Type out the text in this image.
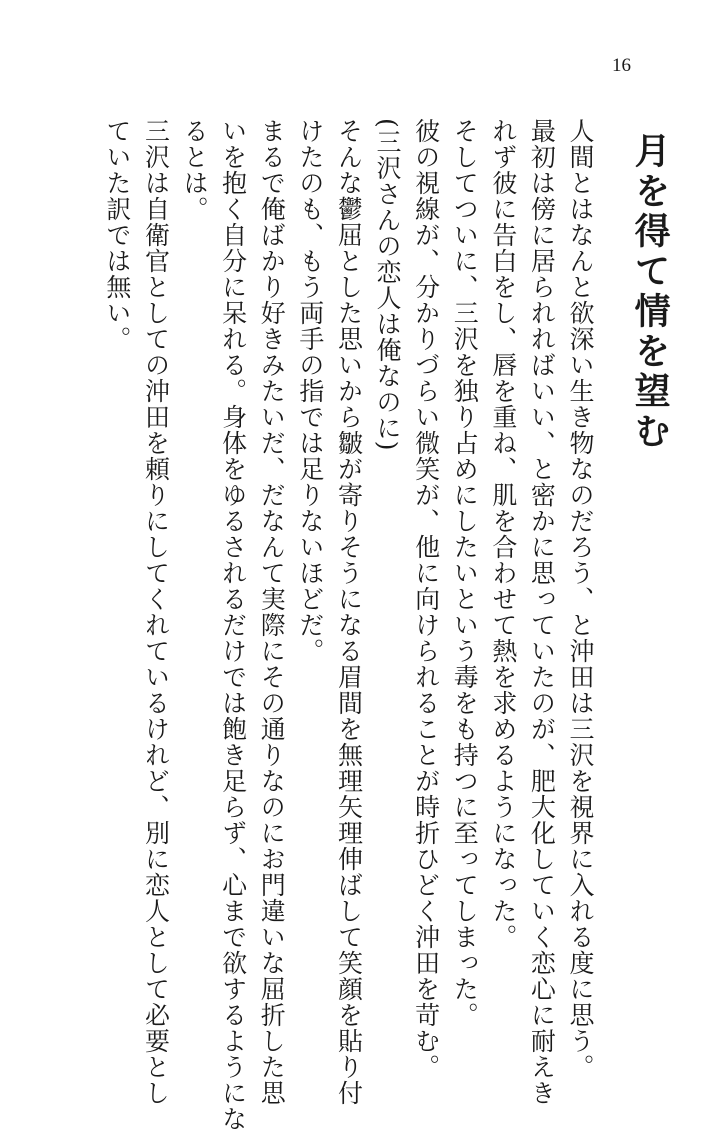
16
月を得て情を望む
人間とはなんと欲深い生き物なのだろう、と沖田は三沢を視界に入れる度に思う。
最初は傍に居られればいい、と密かに思っていたのが、肥大化していく恋心に耐えき
れず彼に告白をし、唇を重ね、肌を合わせて熱を求めるようになった。
そしてついに、三沢を独り占めにしたいという毒をも持つに至ってしまった。
彼の視線が、分かりづらい微笑が、他に向けられることが時折ひどく沖田を苛む。
(三沢さんの恋人は俺なのに)
そんな鬱屈とした思いから皺が寄りそうになる眉間を無理矢理伸ばして笑顔を貼り付
けたのも、もう両手の指では足りないほどだ。
まるで俺ばかり好きみたいだ、だなんて実際にその通りなのにお門違いな屈折した思
いを抱く自分に呆れる。身体をゆるされるだけでは飽き足らず、心まで欲するようにな
るとは。
三沢は自衛官としての沖田を頼りにしてくれているけれど、別に恋人として必要とし
ていた訳では無い。
